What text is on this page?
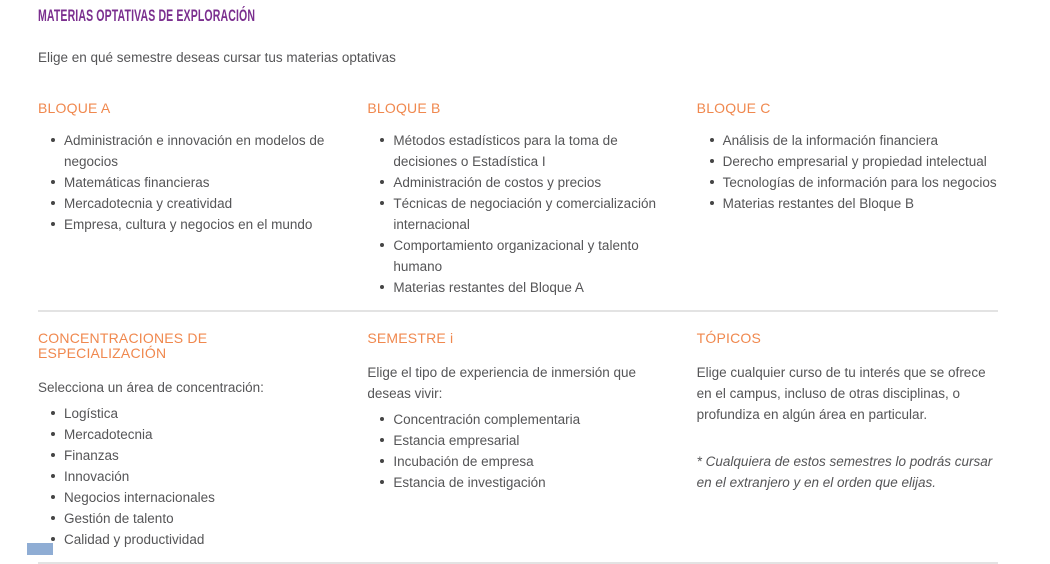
MATERIAS OPTATIVAS DE EXPLORACIÓN

Elige en qué semestre deseas cursar tus materias optativas

BLOQUE A
Administración e innovación en modelos de negocios
Matemáticas financieras
Mercadotecnia y creatividad
Empresa, cultura y negocios en el mundo
BLOQUE B
Métodos estadísticos para la toma de decisiones o Estadística I
Administración de costos y precios
Técnicas de negociación y comercialización internacional
Comportamiento organizacional y talento humano
Materias restantes del Bloque A
BLOQUE C
Análisis de la información financiera
Derecho empresarial y propiedad intelectual
Tecnologías de información para los negocios
Materias restantes del Bloque B
CONCENTRACIONES DE ESPECIALIZACIÓN

Selecciona un área de concentración:

Logística
Mercadotecnia
Finanzas
Innovación
Negocios internacionales
Gestión de talento
Calidad y productividad
SEMESTRE i

Elige el tipo de experiencia de inmersión que deseas vivir:

Concentración complementaria
Estancia empresarial
Incubación de empresa
Estancia de investigación
TÓPICOS

Elige cualquier curso de tu interés que se ofrece en el campus, incluso de otras disciplinas, o profundiza en algún área en particular.

* Cualquiera de estos semestres lo podrás cursar en el extranjero y en el orden que elijas.
